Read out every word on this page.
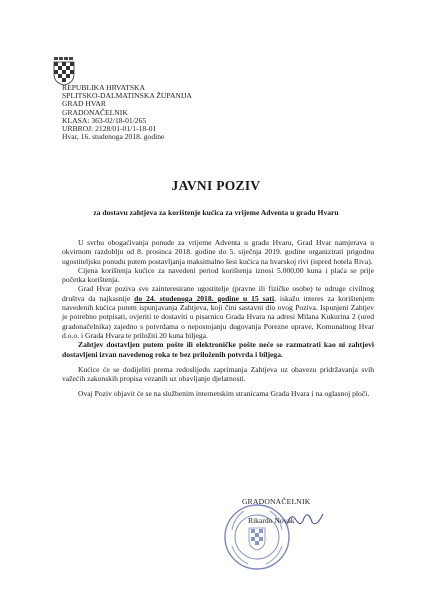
REPUBLIKA HRVATSKA
SPLITSKO-DALMATINSKA ŽUPANIJA
GRAD HVAR
GRADONAČELNIK
KLASA: 363-02/18-01/265
URBROJ: 2128/01-01/1-18-01
Hvar, 16. studenoga 2018. godine
JAVNI POZIV
za dostavu zahtjeva za korištenje kućica za vrijeme Adventa u gradu Hvaru

U svrhu obogaćivanja ponude za vrijeme Adventa u gradu Hvaru, Grad Hvar namjerava u okvirnom razdoblju od 8. prosinca 2018. godine do 5. siječnja 2019. godine organizirati prigodnu ugostiteljsku ponudu putem postavljanja maksimalno šest kućica na hvarskoj rivi (ispred hotela Riva).

Cijena korištenja kućice za navedeni period korištenja iznosi 5.000,00 kuna i plaća se prije početka korištenja.

Grad Hvar poziva sve zainteresirane ugostitelje (pravne ili fizičke osobe) te udruge civilnog društva da najkasnije do 24. studenoga 2018. godine u 15 sati, iskažu interes za korištenjem navedenih kućica putem ispunjavanja Zahtjeva, koji čini sastavni dio ovog Poziva. Ispunjeni Zahtjev je potrebno potpisati, ovjeriti te dostaviti u pisarnicu Grada Hvara na adresi Milana Kukurina 2 (ured gradonačelnika) zajedno s potvrdama o nepostojanju dugovanja Porezne uprave, Komunalnog Hvar d.o.o. i Grada Hvara te priložiti 20 kuna biljega.

Zahtjev dostavljen putem pošte ili elektroničke pošte neće se razmatrati kao ni zahtjevi dostavljeni izvan navedenog roka te bez priloženih potvrda i biljega.

Kućice će se dodijeliti prema redoslijedu zaprimanja Zahtjeva uz obavezu pridržavanja svih važećih zakonskih propisa vezanih uz obavljanje djelatnosti.

Ovaj Poziv objavit će se na službenim internetskim stranicama Grada Hvara i na oglasnoj ploči.

GRADONAČELNIK
Rikardo Novak
